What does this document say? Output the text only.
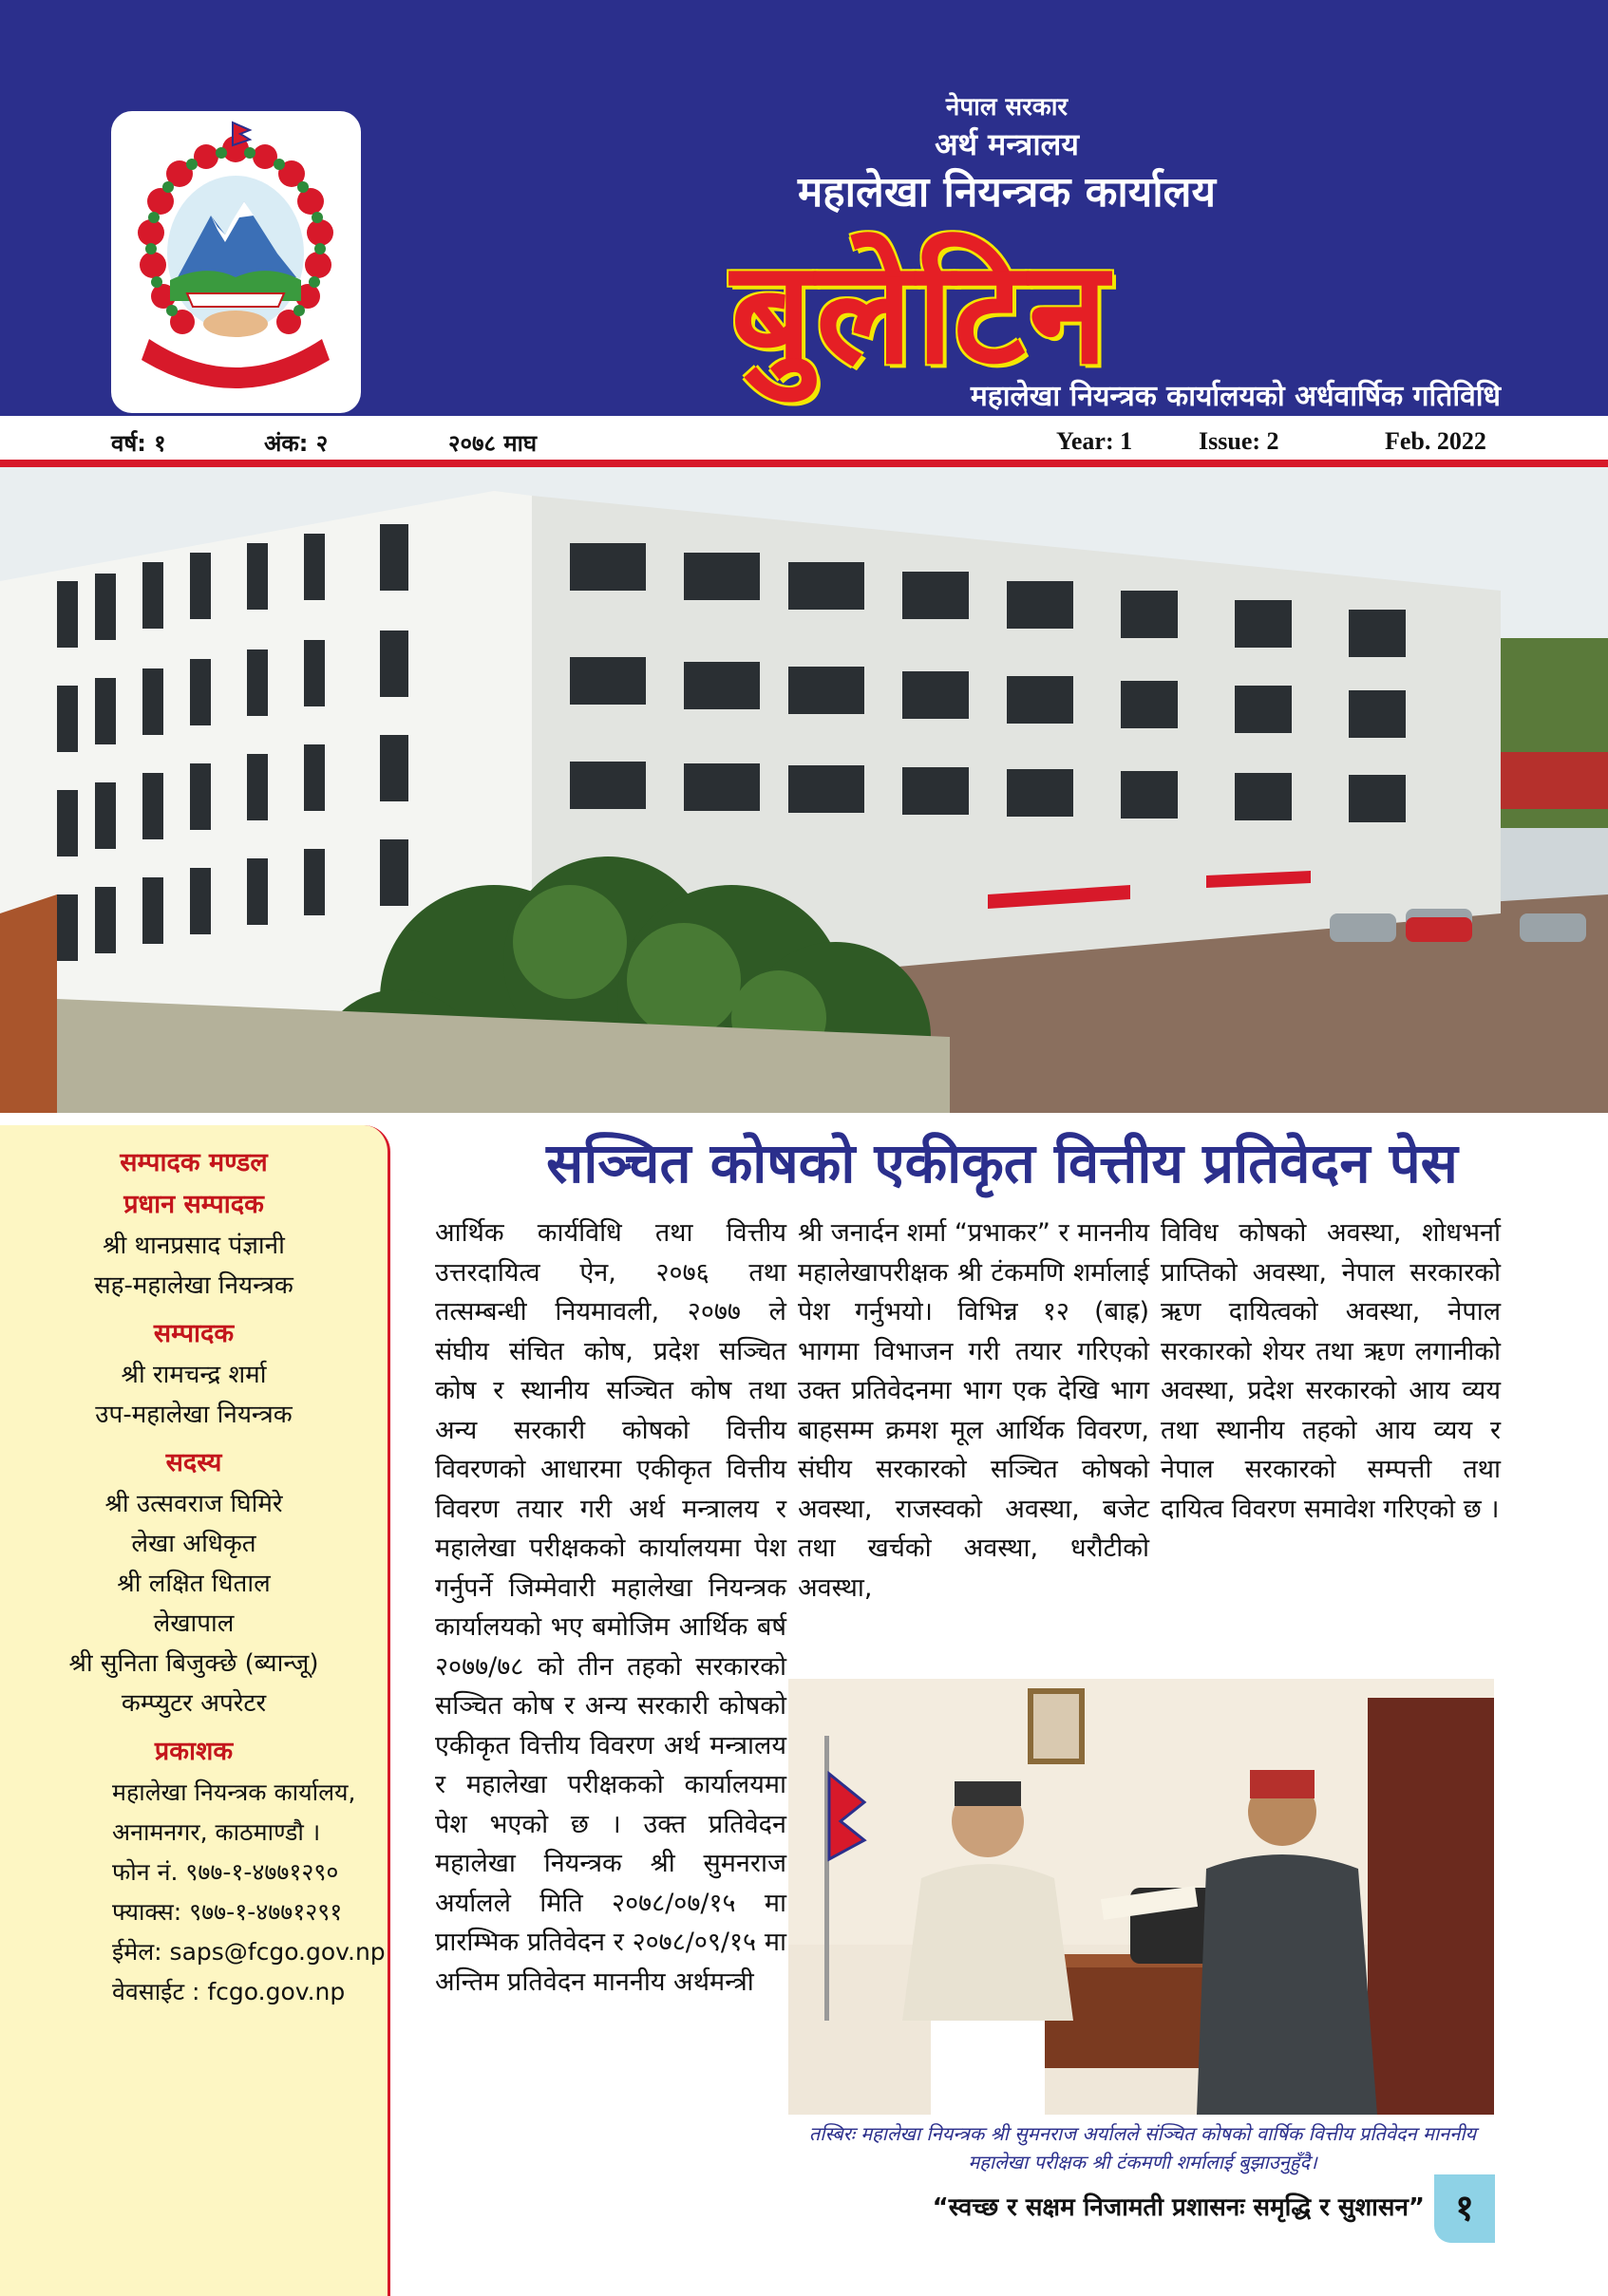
नेपाल सरकार
अर्थ मन्त्रालय
महालेखा नियन्त्रक कार्यालय
बुलेटिन
महालेखा नियन्त्रक कार्यालयको अर्धवार्षिक गतिविधि
वर्ष: १	अंक: २	२०७८ माघ	Year: 1	Issue: 2	Feb. 2022
सम्पादक मण्डल
प्रधान सम्पादक
श्री थानप्रसाद पंज्ञानी
सह-महालेखा नियन्त्रक
सम्पादक
श्री रामचन्द्र शर्मा
उप-महालेखा नियन्त्रक
सदस्य
श्री उत्सवराज घिमिरे
लेखा अधिकृत
श्री लक्षित धिताल
लेखापाल
श्री सुनिता बिजुक्छे (ब्यान्जू)
कम्प्युटर अपरेटर
प्रकाशक
महालेखा नियन्त्रक कार्यालय,
अनामनगर, काठमाण्डौ ।
फोन नं. ९७७-१-४७७१२९०
फ्याक्स: ९७७-१-४७७१२९१
ईमेल: saps@fcgo.gov.np
वेवसाईट : fcgo.gov.np
सञ्चित कोषको एकीकृत वित्तीय प्रतिवेदन पेस
आर्थिक कार्यविधि तथा वित्तीय उत्तरदायित्व ऐन, २०७६ तथा तत्सम्बन्धी नियमावली, २०७७ ले संघीय संचित कोष, प्रदेश सञ्चित कोष र स्थानीय सञ्चित कोष तथा अन्य सरकारी कोषको वित्तीय विवरणको आधारमा एकीकृत वित्तीय विवरण तयार गरी अर्थ मन्त्रालय र महालेखा परीक्षकको कार्यालयमा पेश गर्नुपर्ने जिम्मेवारी महालेखा नियन्त्रक कार्यालयको भए बमोजिम आर्थिक बर्ष २०७७/७८ को तीन तहको सरकारको सञ्चित कोष र अन्य सरकारी कोषको एकीकृत वित्तीय विवरण अर्थ मन्त्रालय र महालेखा परीक्षकको कार्यालयमा पेश भएको छ । उक्त प्रतिवेदन महालेखा नियन्त्रक श्री सुमनराज अर्यालले मिति २०७८/०७/१५ मा प्रारम्भिक प्रतिवेदन र २०७८/०९/१५ मा अन्तिम प्रतिवेदन माननीय अर्थमन्त्री
श्री जनार्दन शर्मा “प्रभाकर” र माननीय महालेखापरीक्षक श्री टंकमणि शर्मालाई पेश गर्नुभयो। विभिन्न १२ (बाह्र) भागमा विभाजन गरी तयार गरिएको उक्त प्रतिवेदनमा भाग एक देखि भाग बाहसम्म क्रमश मूल आर्थिक विवरण, संघीय सरकारको सञ्चित कोषको अवस्था, राजस्वको अवस्था, बजेट तथा खर्चको अवस्था, धरौटीको अवस्था,
विविध कोषको अवस्था, शोधभर्ना प्राप्तिको अवस्था, नेपाल सरकारको ऋण दायित्वको अवस्था, नेपाल सरकारको शेयर तथा ऋण लगानीको अवस्था, प्रदेश सरकारको आय व्यय तथा स्थानीय तहको आय व्यय र नेपाल सरकारको सम्पत्ती तथा दायित्व विवरण समावेश गरिएको छ ।
तस्बिरः महालेखा नियन्त्रक श्री सुमनराज अर्यालले संञ्चित कोषको वार्षिक वित्तीय प्रतिवेदन माननीय महालेखा परीक्षक श्री टंकमणी शर्मालाई बुझाउनुहुँदै।
“स्वच्छ र सक्षम निजामती प्रशासनः समृद्धि र सुशासन” १
